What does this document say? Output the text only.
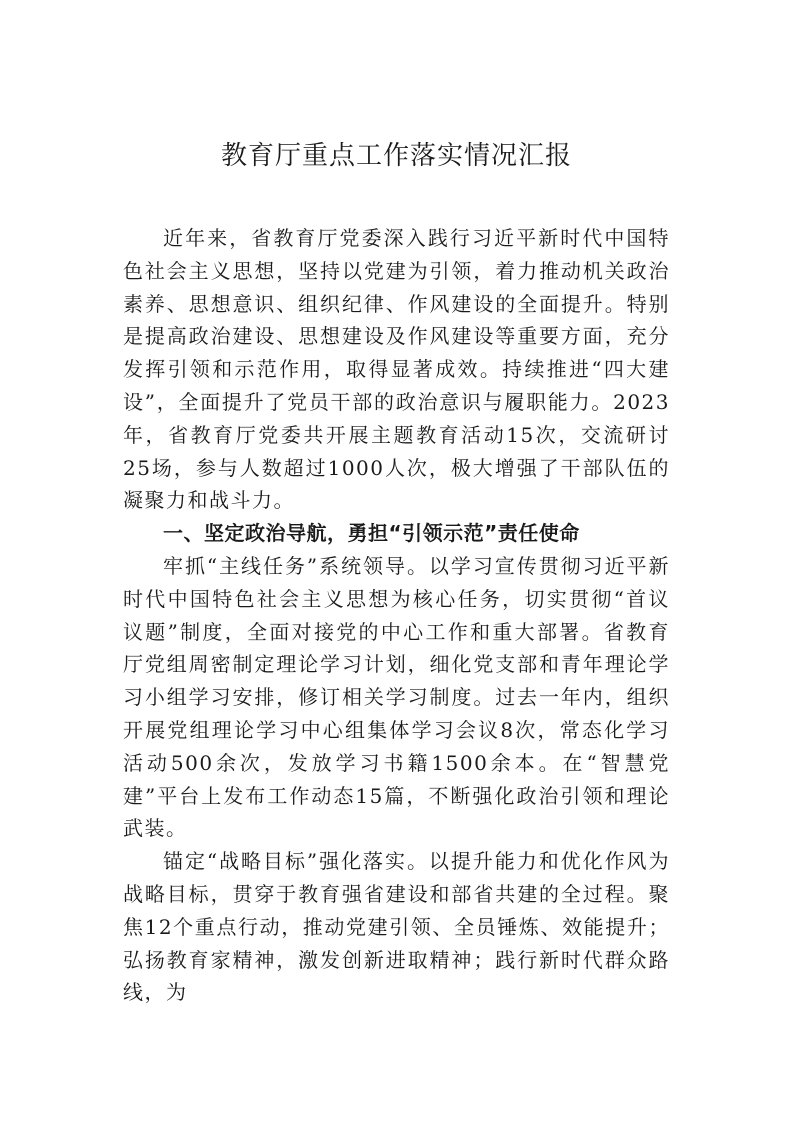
教育厅重点工作落实情况汇报

近年来，省教育厅党委深入践行习近平新时代中国特色社会主义思想，坚持以党建为引领，着力推动机关政治素养、思想意识、组织纪律、作风建设的全面提升。特别是提高政治建设、思想建设及作风建设等重要方面，充分发挥引领和示范作用，取得显著成效。持续推进“四大建设”，全面提升了党员干部的政治意识与履职能力。2023年，省教育厅党委共开展主题教育活动15次，交流研讨25场，参与人数超过1000人次，极大增强了干部队伍的凝聚力和战斗力。

一、坚定政治导航，勇担“引领示范”责任使命

牢抓“主线任务”系统领导。以学习宣传贯彻习近平新时代中国特色社会主义思想为核心任务，切实贯彻“首议议题”制度，全面对接党的中心工作和重大部署。省教育厅党组周密制定理论学习计划，细化党支部和青年理论学习小组学习安排，修订相关学习制度。过去一年内，组织开展党组理论学习中心组集体学习会议8次，常态化学习活动500余次，发放学习书籍1500余本。在“智慧党建”平台上发布工作动态15篇，不断强化政治引领和理论武装。

锚定“战略目标”强化落实。以提升能力和优化作风为战略目标，贯穿于教育强省建设和部省共建的全过程。聚焦12个重点行动，推动党建引领、全员锤炼、效能提升；弘扬教育家精神，激发创新进取精神；践行新时代群众路线，为
